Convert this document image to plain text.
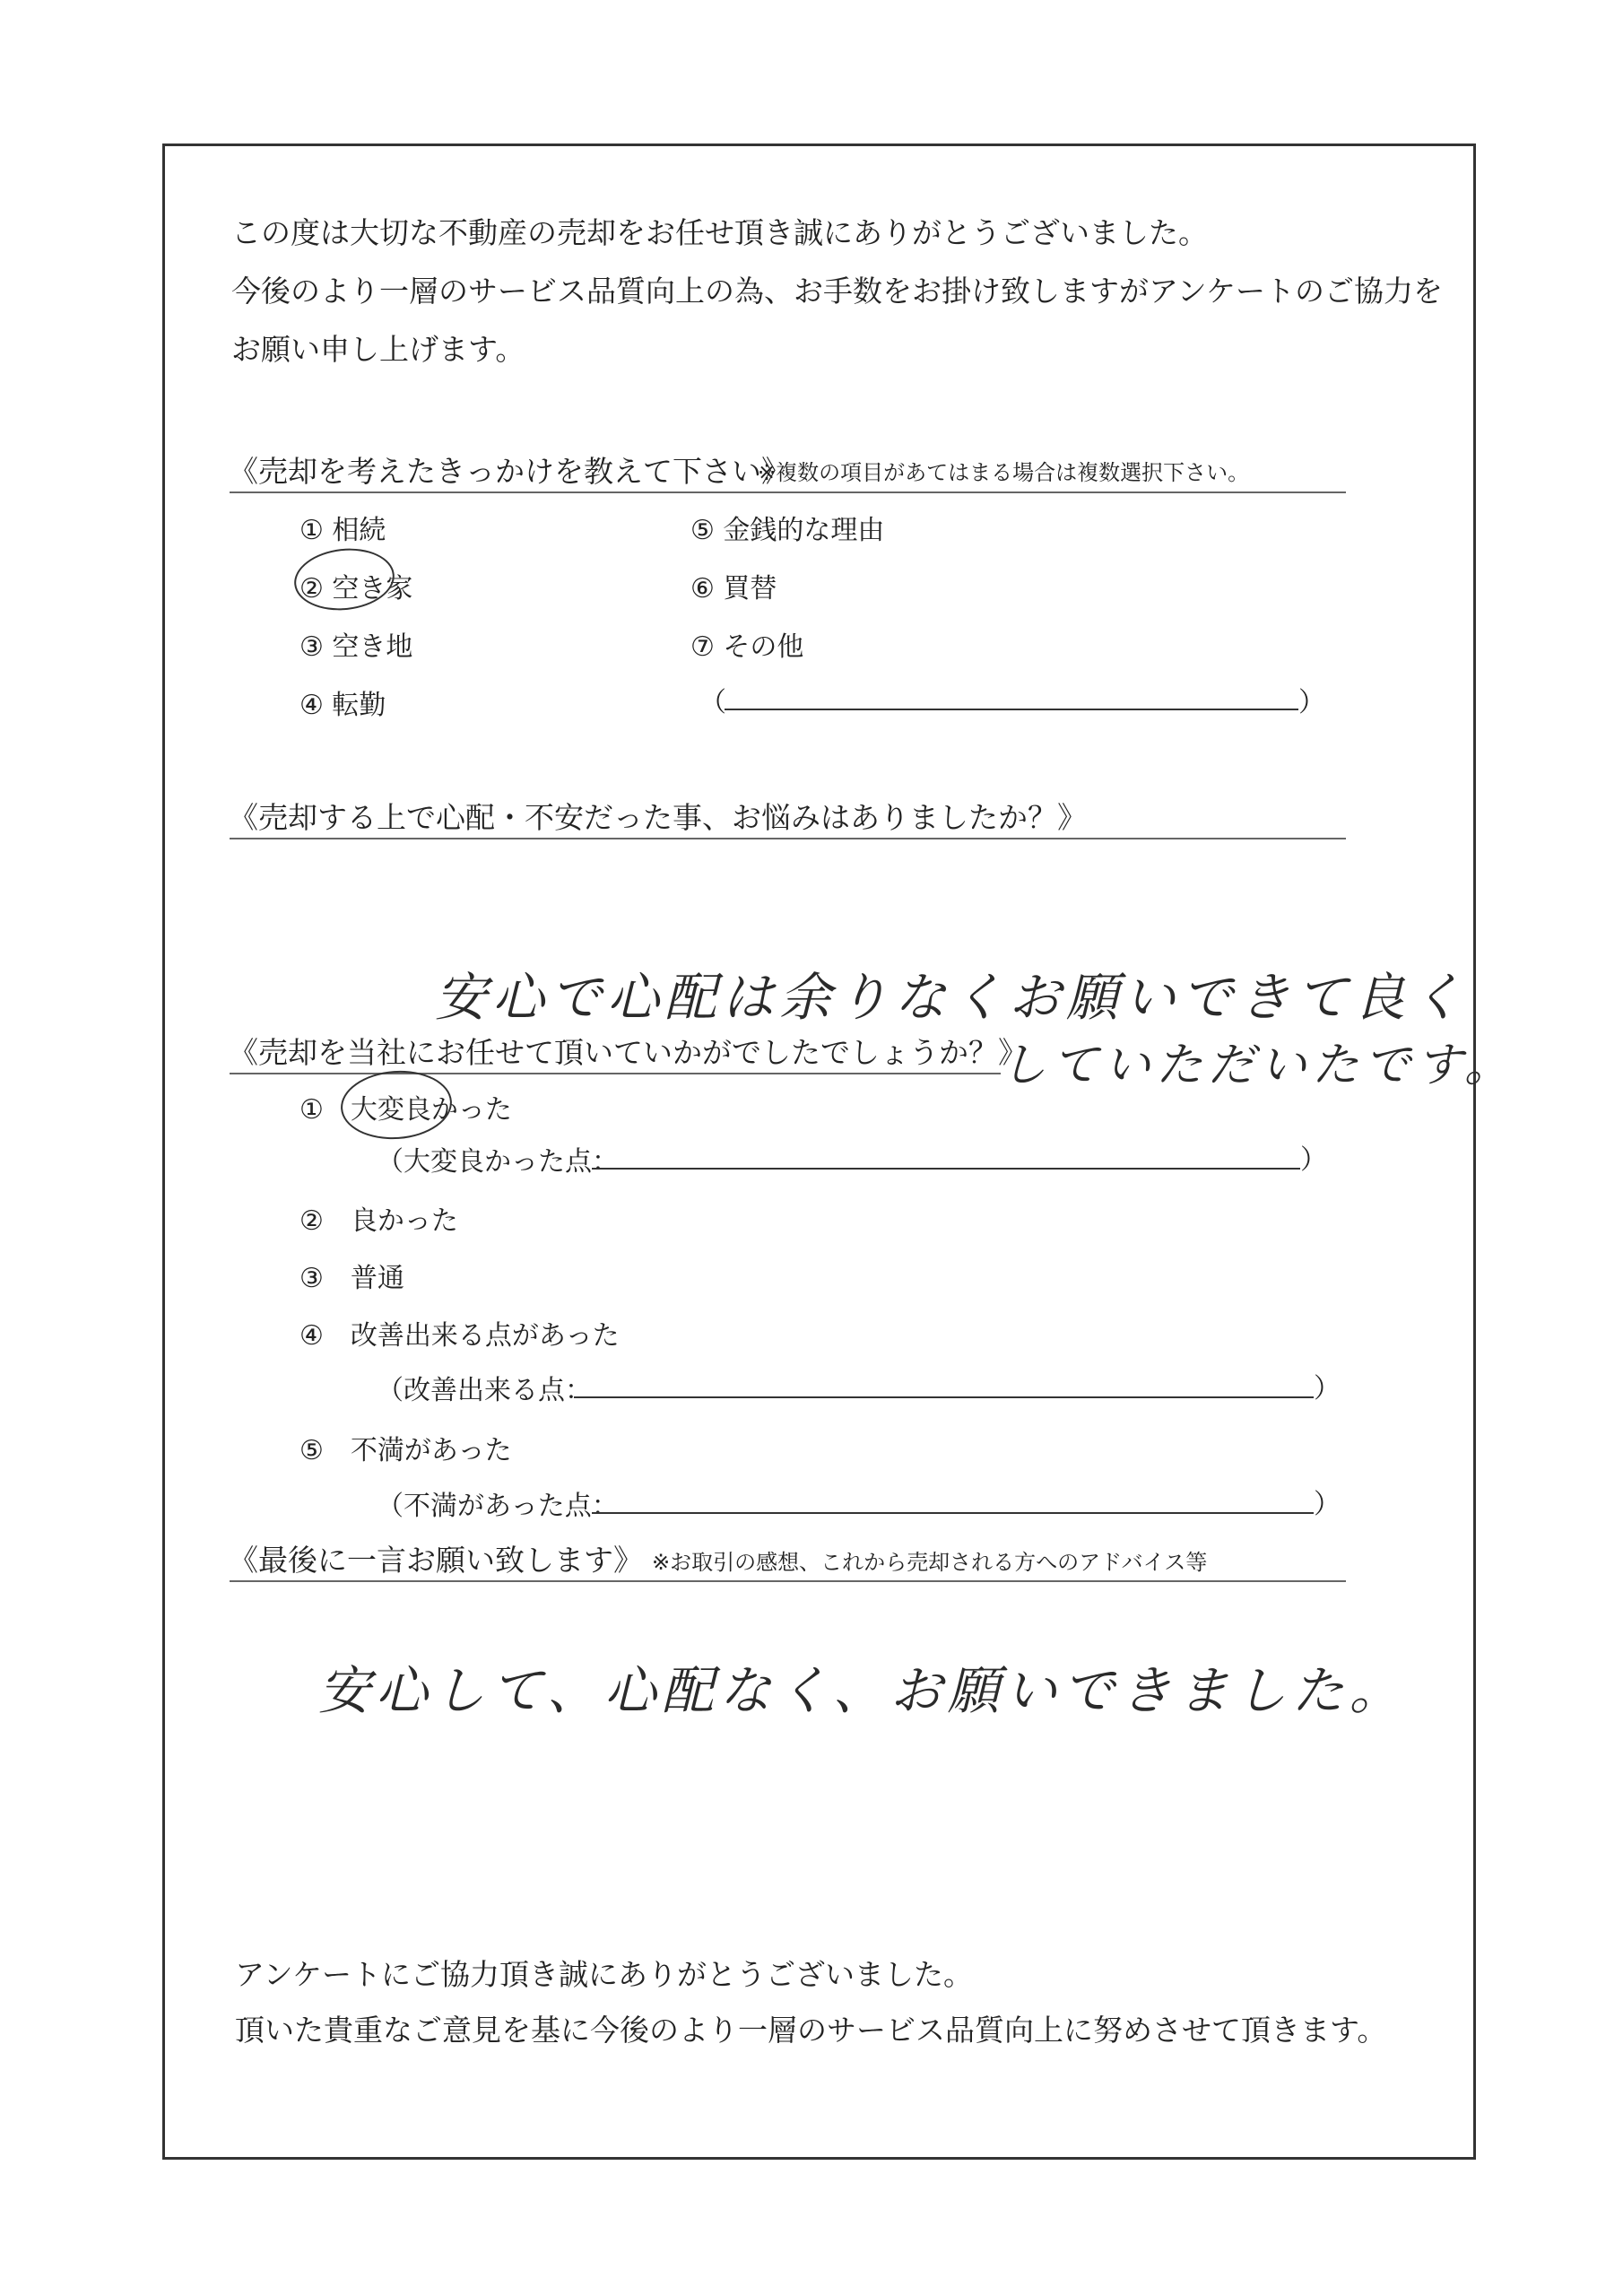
この度は大切な不動産の売却をお任せ頂き誠にありがとうございました。
今後のより一層のサービス品質向上の為、お手数をお掛け致しますがアンケートのご協力を
お願い申し上げます。
《売却を考えたきっかけを教えて下さい》
※複数の項目があてはまる場合は複数選択下さい。
① 相続
② 空き家
③ 空き地
④ 転勤
⑤ 金銭的な理由
⑥ 買替
⑦ その他
（	）
《売却する上で心配・不安だった事、お悩みはありましたか？》
安心で心配は余りなくお願いできて良く
していただいたです。
《売却を当社にお任せて頂いていかがでしたでしょうか？》
①　大変良かった
（大変良かった点：	）
②　良かった
③　普通
④　改善出来る点があった
（改善出来る点：	）
⑤　不満があった
（不満があった点：	）
《最後に一言お願い致します》 ※お取引の感想、これから売却される方へのアドバイス等
安心して、心配なく、お願いできました。
アンケートにご協力頂き誠にありがとうございました。
頂いた貴重なご意見を基に今後のより一層のサービス品質向上に努めさせて頂きます。
